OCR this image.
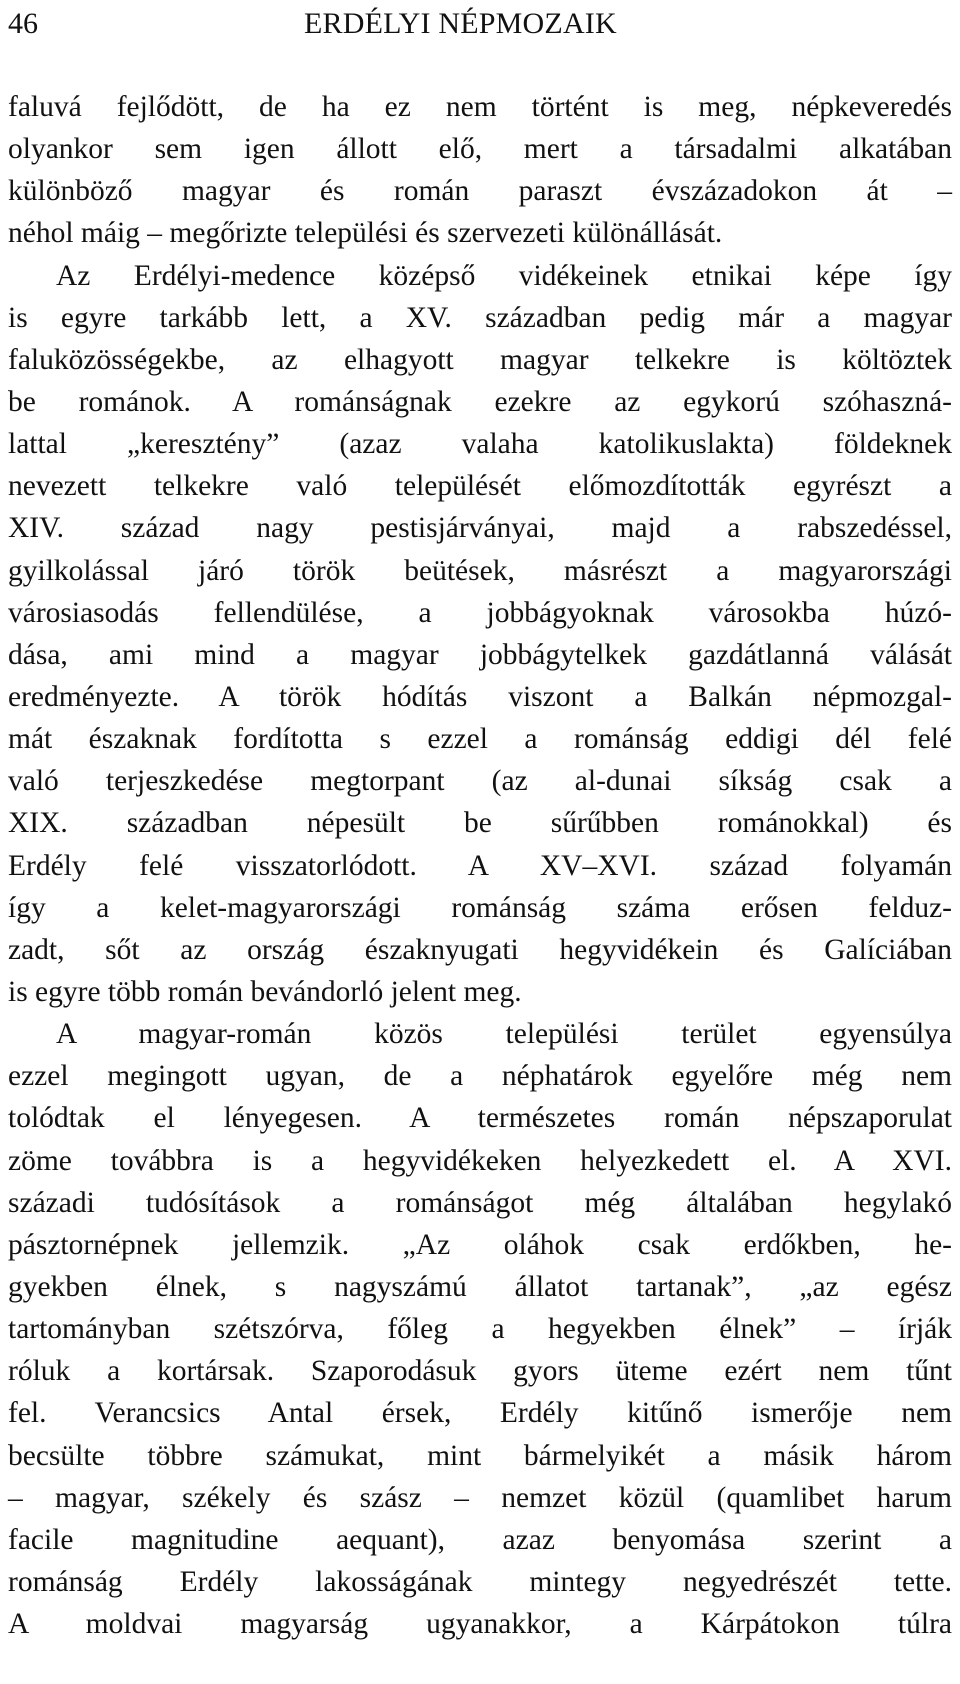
46	ERDÉLYI NÉPMOZAIK
faluvá fejlődött, de ha ez nem történt is meg, népkeveredés
olyankor sem igen állott elő, mert a társadalmi alkatában
különböző magyar és román paraszt évszázadokon át –
néhol máig – megőrizte települési és szervezeti különállását.
Az Erdélyi-medence középső vidékeinek etnikai képe így
is egyre tarkább lett, a XV. században pedig már a magyar
faluközösségekbe, az elhagyott magyar telkekre is költöztek
be románok. A románságnak ezekre az egykorú szóhaszná-
lattal „keresztény” (azaz valaha katolikuslakta) földeknek
nevezett telkekre való települését előmozdították egyrészt a
XIV. század nagy pestisjárványai, majd a rabszedéssel,
gyilkolással járó török beütések, másrészt a magyarországi
városiasodás fellendülése, a jobbágyoknak városokba húzó-
dása, ami mind a magyar jobbágytelkek gazdátlanná válását
eredményezte. A török hódítás viszont a Balkán népmozgal-
mát északnak fordította s ezzel a románság eddigi dél felé
való terjeszkedése megtorpant (az al-dunai síkság csak a
XIX. században népesült be sűrűbben románokkal) és
Erdély felé visszatorlódott. A XV–XVI. század folyamán
így a kelet-magyarországi románság száma erősen felduz-
zadt, sőt az ország északnyugati hegyvidékein és Galíciában
is egyre több román bevándorló jelent meg.
A magyar-román közös települési terület egyensúlya
ezzel megingott ugyan, de a néphatárok egyelőre még nem
tolódtak el lényegesen. A természetes román népszaporulat
zöme továbbra is a hegyvidékeken helyezkedett el. A XVI.
századi tudósítások a románságot még általában hegylakó
pásztornépnek jellemzik. „Az oláhok csak erdőkben, he-
gyekben élnek, s nagyszámú állatot tartanak”, „az egész
tartományban szétszórva, főleg a hegyekben élnek” – írják
róluk a kortársak. Szaporodásuk gyors üteme ezért nem tűnt
fel. Verancsics Antal érsek, Erdély kitűnő ismerője nem
becsülte többre számukat, mint bármelyikét a másik három
– magyar, székely és szász – nemzet közül (quamlibet harum
facile magnitudine aequant), azaz benyomása szerint a
románság Erdély lakosságának mintegy negyedrészét tette.
A moldvai magyarság ugyanakkor, a Kárpátokon túlra
